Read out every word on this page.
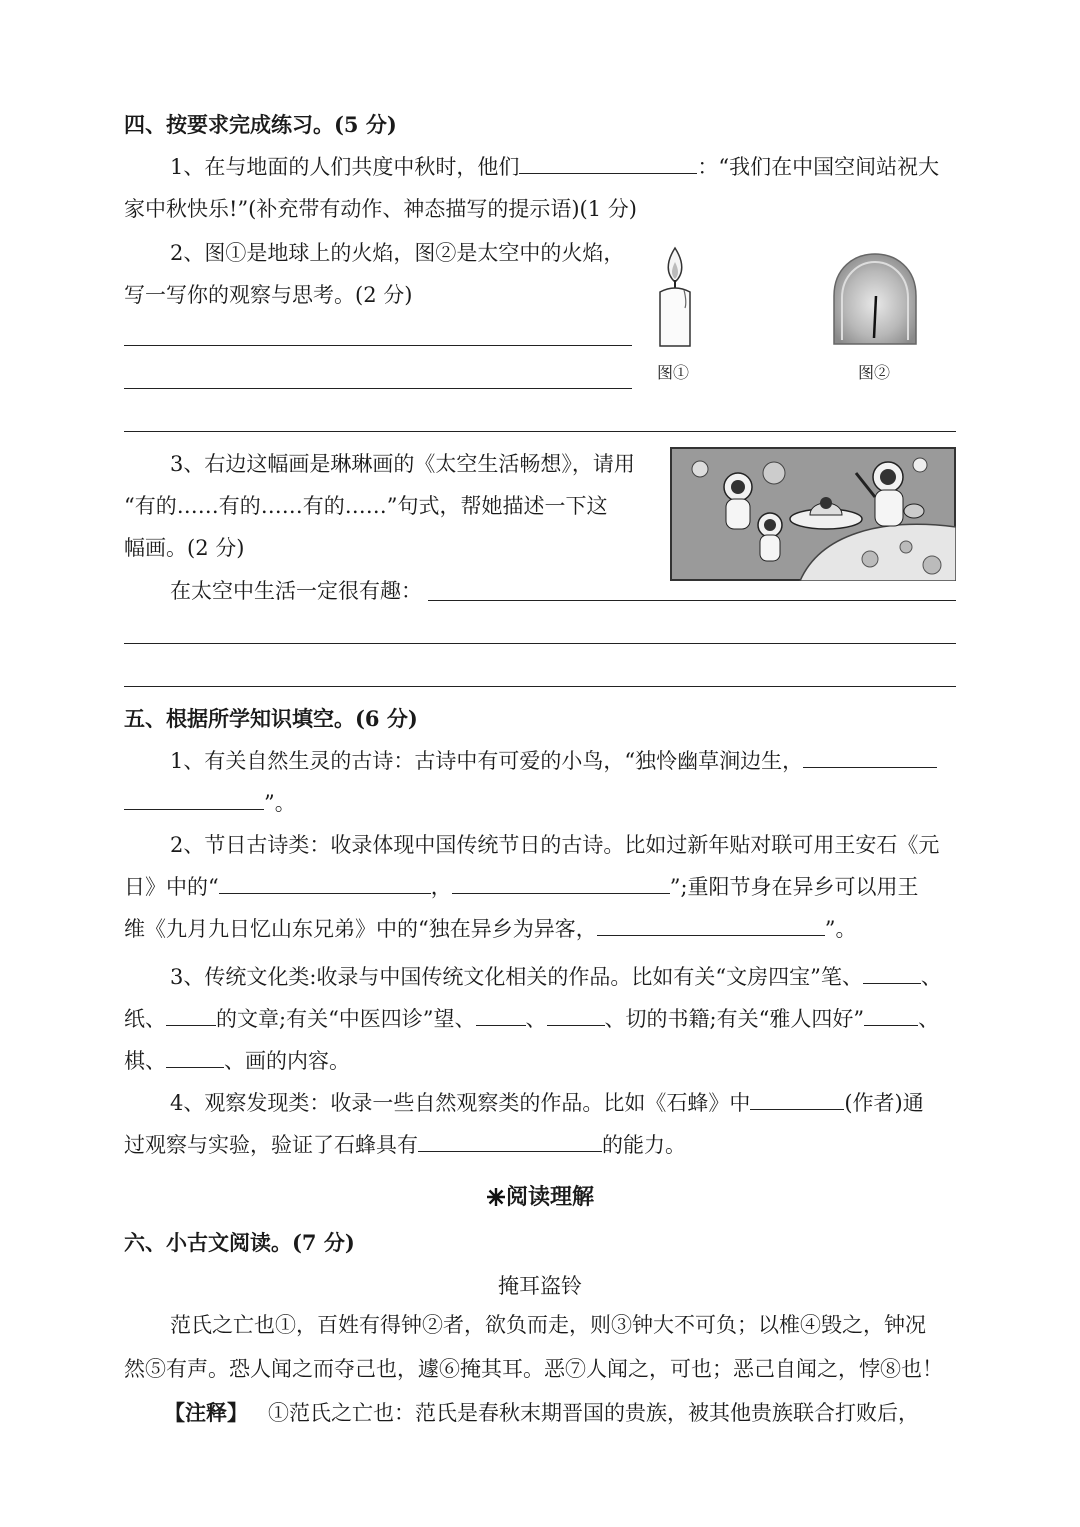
四、按要求完成练习。(5 分)
1、在与地面的人们共度中秋时，他们	：“我们在中国空间站祝大
家中秋快乐!”(补充带有动作、神态描写的提示语)(1 分)
2、图①是地球上的火焰，图②是太空中的火焰，
写一写你的观察与思考。(2 分)
图①	图②
3、右边这幅画是琳琳画的《太空生活畅想》，请用
“有的……有的……有的……”句式，帮她描述一下这
幅画。(2 分)
在太空中生活一定很有趣：
五、根据所学知识填空。(6 分)
1、有关自然生灵的古诗：古诗中有可爱的小鸟，“独怜幽草涧边生，
”。
2、节日古诗类：收录体现中国传统节日的古诗。比如过新年贴对联可用王安石《元
日》中的“	，	”;重阳节身在异乡可以用王
维《九月九日忆山东兄弟》中的“独在异乡为异客，	”。
3、传统文化类:收录与中国传统文化相关的作品。比如有关“文房四宝”笔、	、
纸、 的文章;有关“中医四诊”望、 、	、切的书籍;有关“雅人四好”	、
棋、	、画的内容。
4、观察发现类：收录一些自然观察类的作品。比如《石蜂》中	(作者)通
过观察与实验，验证了石蜂具有	的能力。
阅读理解
六、小古文阅读。(7 分)
掩耳盗铃
范氏之亡也①，百姓有得钟②者，欲负而走，则③钟大不可负；以椎④毁之，钟况
然⑤有声。恐人闻之而夺己也，遽⑥掩其耳。恶⑦人闻之，可也；恶己自闻之，悖⑧也！
【注释】 ①范氏之亡也：范氏是春秋末期晋国的贵族，被其他贵族联合打败后，
